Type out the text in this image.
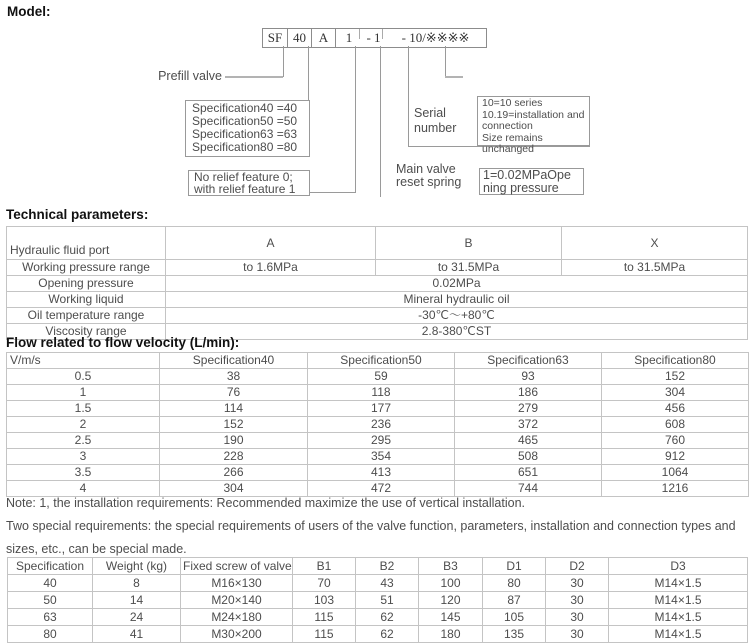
Model:
SF 40 A	1	- 1	- 10/※※※※
Prefill valve
Specification40 =40
Specification50 =50
Specification63 =63
Specification80 =80
No relief feature 0;
with relief feature 1
Serial
number
10=10 series
10.19=installation and
connection
Size remains unchanged
Main valve
reset spring 1=0.02MPaOpe
ning pressure
Technical parameters:
Hydraulic fluid port	A	B	X
Working pressure range	to 1.6MPa	to 31.5MPa	to 31.5MPa
Opening pressure	0.02MPa		
Working liquid	Mineral hydraulic oil		
Oil temperature range	-30℃～+80℃		
Viscosity range	2.8-380℃ST		
Flow related to flow velocity (L/min):
V/m/s	Specification40	Specification50	Specification63	Specification80
0.5	38	59	93	152
1	76	118	186	304
1.5	114	177	279	456
2	152	236	372	608
2.5	190	295	465	760
3	228	354	508	912
3.5	266	413	651	1064
4	304	472	744	1216
Note: 1, the installation requirements: Recommended maximize the use of vertical installation.
Two special requirements: the special requirements of users of the valve function, parameters, installation and connection types and
sizes, etc., can be special made.
Specification	Weight (kg)	Fixed screw of valve	B1	B2	B3	D1	D2	D3
40	8	M16×130	70	43	100	80	30	M14×1.5
50	14	M20×140	103	51	120	87	30	M14×1.5
63	24	M24×180	115	62	145	105	30	M14×1.5
80	41	M30×200	115	62	180	135	30	M14×1.5
